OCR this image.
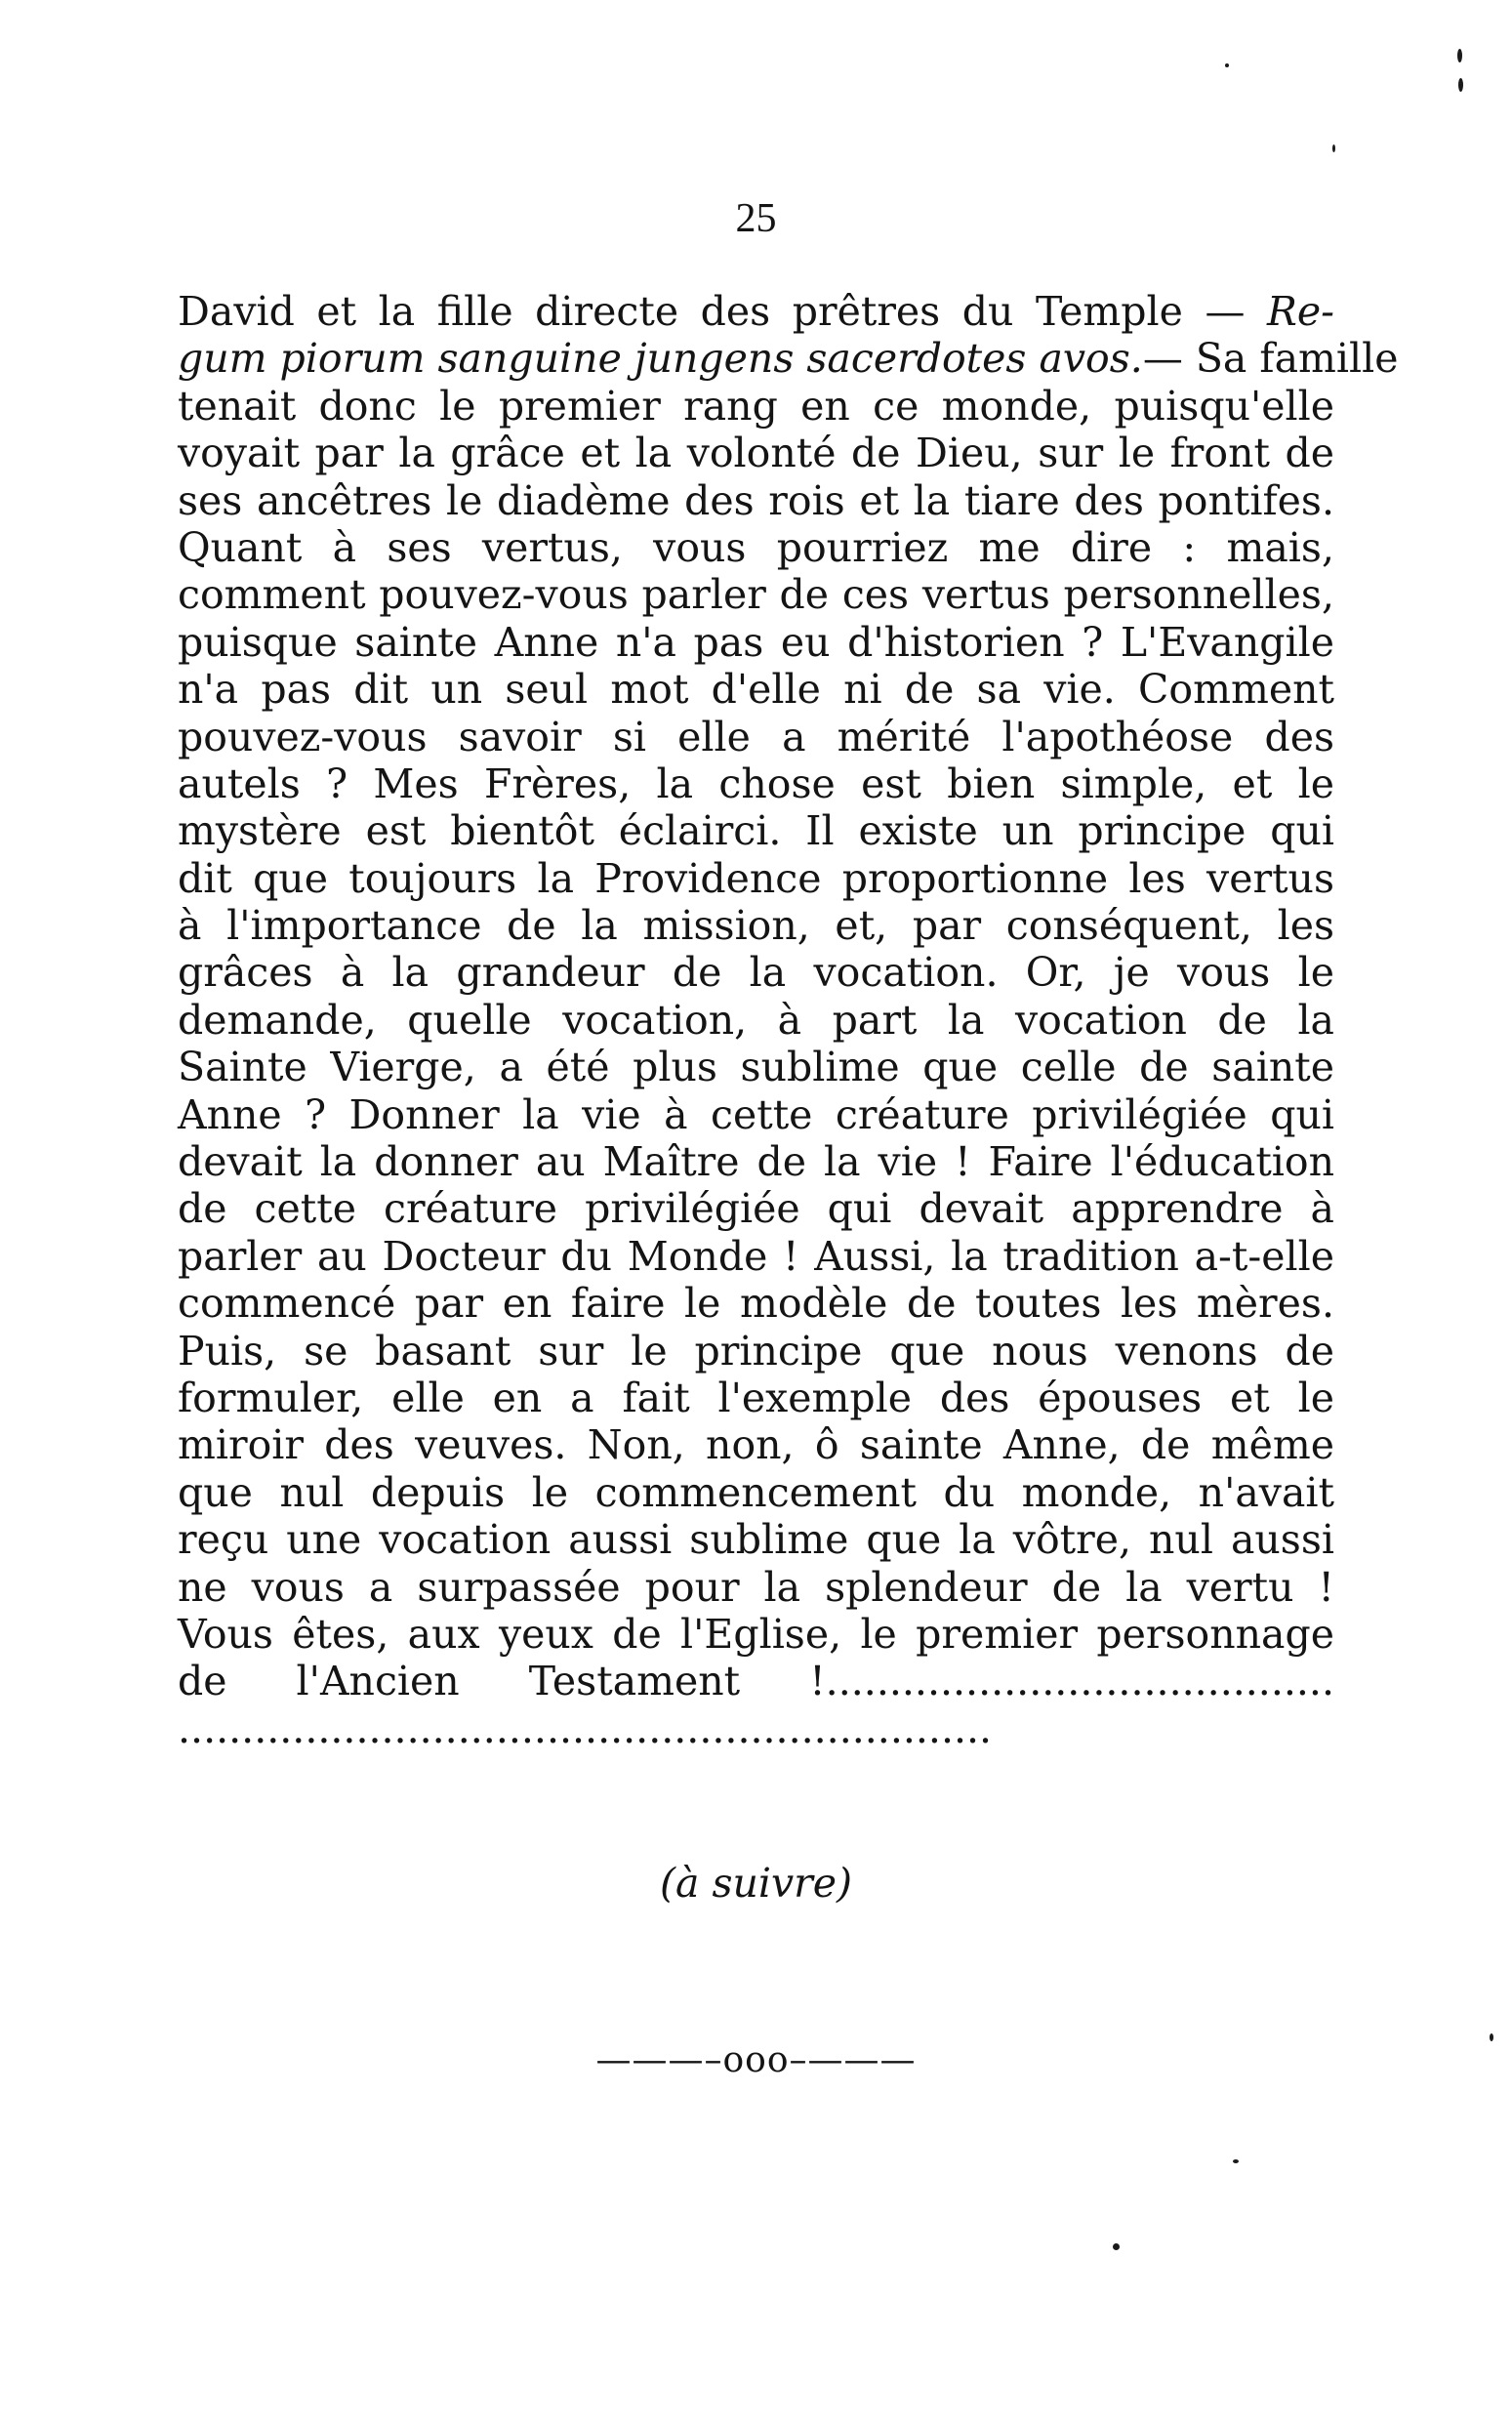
25
David et la fille directe des prêtres du Temple — Re-
gum piorum sanguine jungens sacerdotes avos.— Sa famille
tenait donc le premier rang en ce monde, puisqu'elle
voyait par la grâce et la volonté de Dieu, sur le front de
ses ancêtres le diadème des rois et la tiare des pontifes.
Quant à ses vertus, vous pourriez me dire : mais,
comment pouvez-vous parler de ces vertus personnelles,
puisque sainte Anne n'a pas eu d'historien ? L'Evangile
n'a pas dit un seul mot d'elle ni de sa vie. Comment
pouvez-vous savoir si elle a mérité l'apothéose des
autels ? Mes Frères, la chose est bien simple, et le
mystère est bientôt éclairci. Il existe un principe qui
dit que toujours la Providence proportionne les vertus
à l'importance de la mission, et, par conséquent, les
grâces à la grandeur de la vocation. Or, je vous le
demande, quelle vocation, à part la vocation de la
Sainte Vierge, a été plus sublime que celle de sainte
Anne ? Donner la vie à cette créature privilégiée qui
devait la donner au Maître de la vie ! Faire l'éducation
de cette créature privilégiée qui devait apprendre à
parler au Docteur du Monde ! Aussi, la tradition a-t-elle
commencé par en faire le modèle de toutes les mères.
Puis, se basant sur le principe que nous venons de
formuler, elle en a fait l'exemple des épouses et le
miroir des veuves. Non, non, ô sainte Anne, de même
que nul depuis le commencement du monde, n'avait
reçu une vocation aussi sublime que la vôtre, nul aussi
ne vous a surpassée pour la splendeur de la vertu !
Vous êtes, aux yeux de l'Eglise, le premier personnage
de l'Ancien Testament !........................................
................................................................
(à suivre)
———–ooo–———
